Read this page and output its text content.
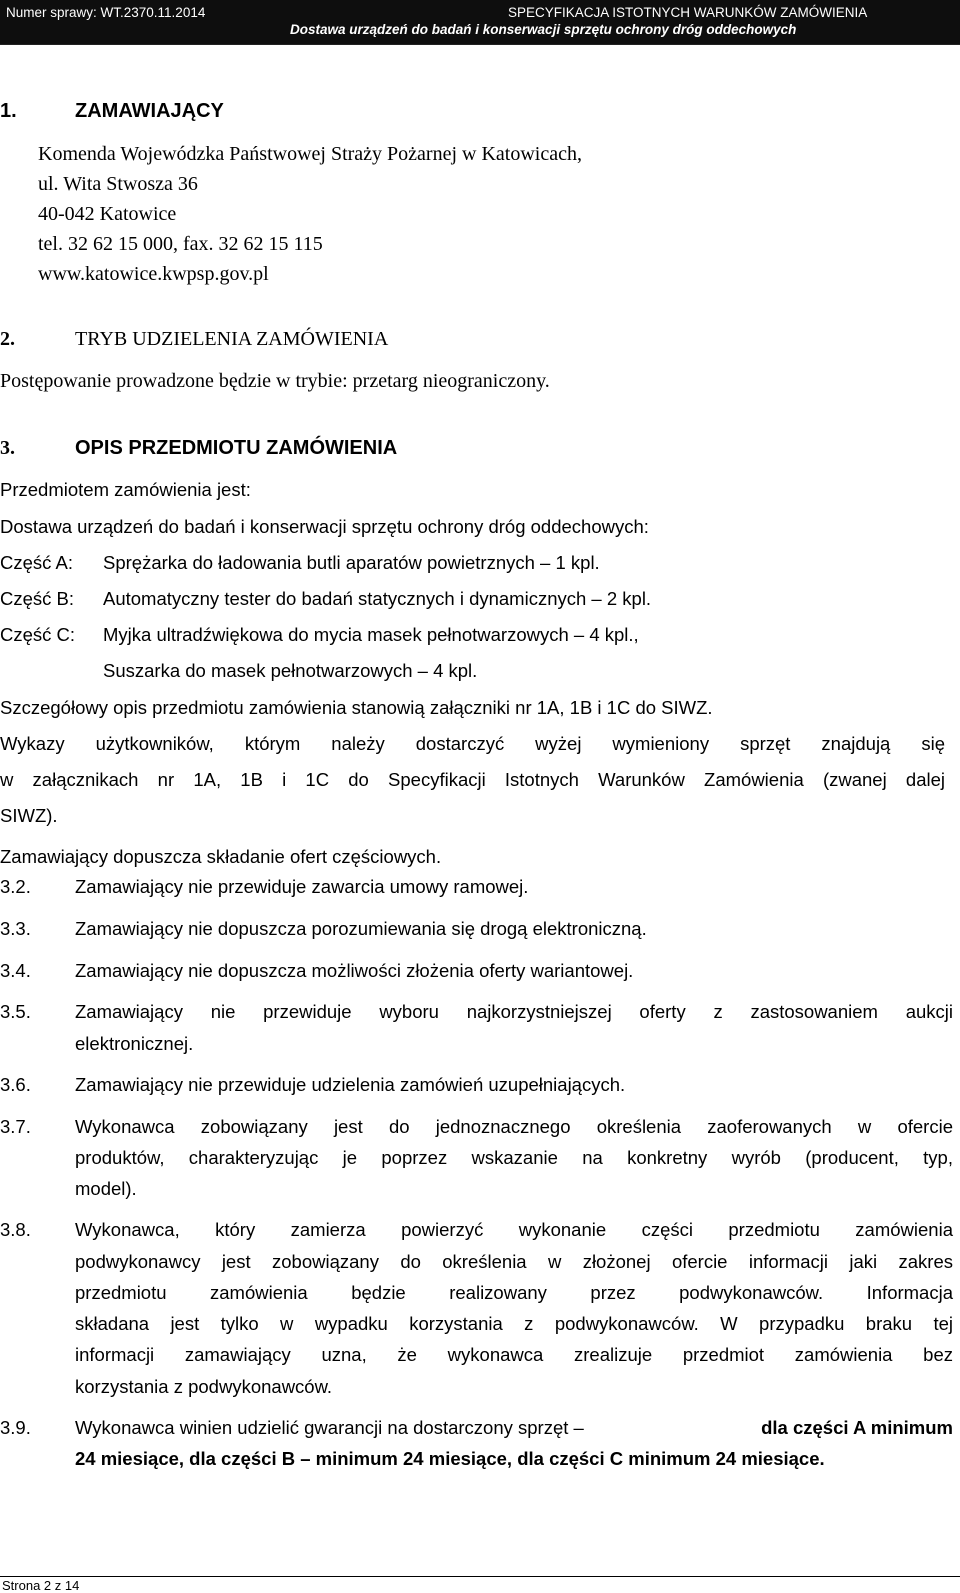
Numer sprawy: WT.2370.11.2014	SPECYFIKACJA ISTOTNYCH WARUNKÓW ZAMÓWIENIA
Dostawa urządzeń do badań i konserwacji sprzętu ochrony dróg oddechowych
1.	ZAMAWIAJĄCY
Komenda Wojewódzka Państwowej Straży Pożarnej w Katowicach,
ul. Wita Stwosza 36
40-042 Katowice
tel. 32 62 15 000, fax. 32 62 15 115
www.katowice.kwpsp.gov.pl
2.	TRYB UDZIELENIA ZAMÓWIENIA
Postępowanie prowadzone będzie w trybie: przetarg nieograniczony.
3.	OPIS PRZEDMIOTU ZAMÓWIENIA
Przedmiotem zamówienia jest:
Dostawa urządzeń do badań i konserwacji sprzętu ochrony dróg oddechowych:
Część A: Sprężarka do ładowania butli aparatów powietrznych – 1 kpl.
Część B: Automatyczny tester do badań statycznych i dynamicznych – 2 kpl.
Część C: Myjka ultradźwiękowa do mycia masek pełnotwarzowych – 4 kpl.,
Suszarka do masek pełnotwarzowych – 4 kpl.
Szczegółowy opis przedmiotu zamówienia stanowią załączniki nr 1A, 1B i 1C do SIWZ.
Wykazy użytkowników, którym należy dostarczyć wyżej wymieniony sprzęt znajdują się
w załącznikach nr 1A, 1B i 1C do Specyfikacji Istotnych Warunków Zamówienia (zwanej dalej
SIWZ).
Zamawiający dopuszcza składanie ofert częściowych.
3.2. Zamawiający nie przewiduje zawarcia umowy ramowej.
3.3. Zamawiający nie dopuszcza porozumiewania się drogą elektroniczną.
3.4. Zamawiający nie dopuszcza możliwości złożenia oferty wariantowej.
3.5. Zamawiający nie przewiduje wyboru najkorzystniejszej oferty z zastosowaniem aukcji
elektronicznej.
3.6. Zamawiający nie przewiduje udzielenia zamówień uzupełniających.
3.7. Wykonawca zobowiązany jest do jednoznacznego określenia zaoferowanych w ofercie
produktów, charakteryzując je poprzez wskazanie na konkretny wyrób (producent, typ,
model).
3.8. Wykonawca, który zamierza powierzyć wykonanie części przedmiotu zamówienia
podwykonawcy jest zobowiązany do określenia w złożonej ofercie informacji jaki zakres
przedmiotu zamówienia będzie realizowany przez podwykonawców. Informacja
składana jest tylko w wypadku korzystania z podwykonawców. W przypadku braku tej
informacji zamawiający uzna, że wykonawca zrealizuje przedmiot zamówienia bez
korzystania z podwykonawców.
3.9. Wykonawca winien udzielić gwarancji na dostarczony sprzęt –	dla części A minimum
24 miesiące, dla części B – minimum 24 miesiące, dla części C minimum 24 miesiące.
Strona 2 z 14
